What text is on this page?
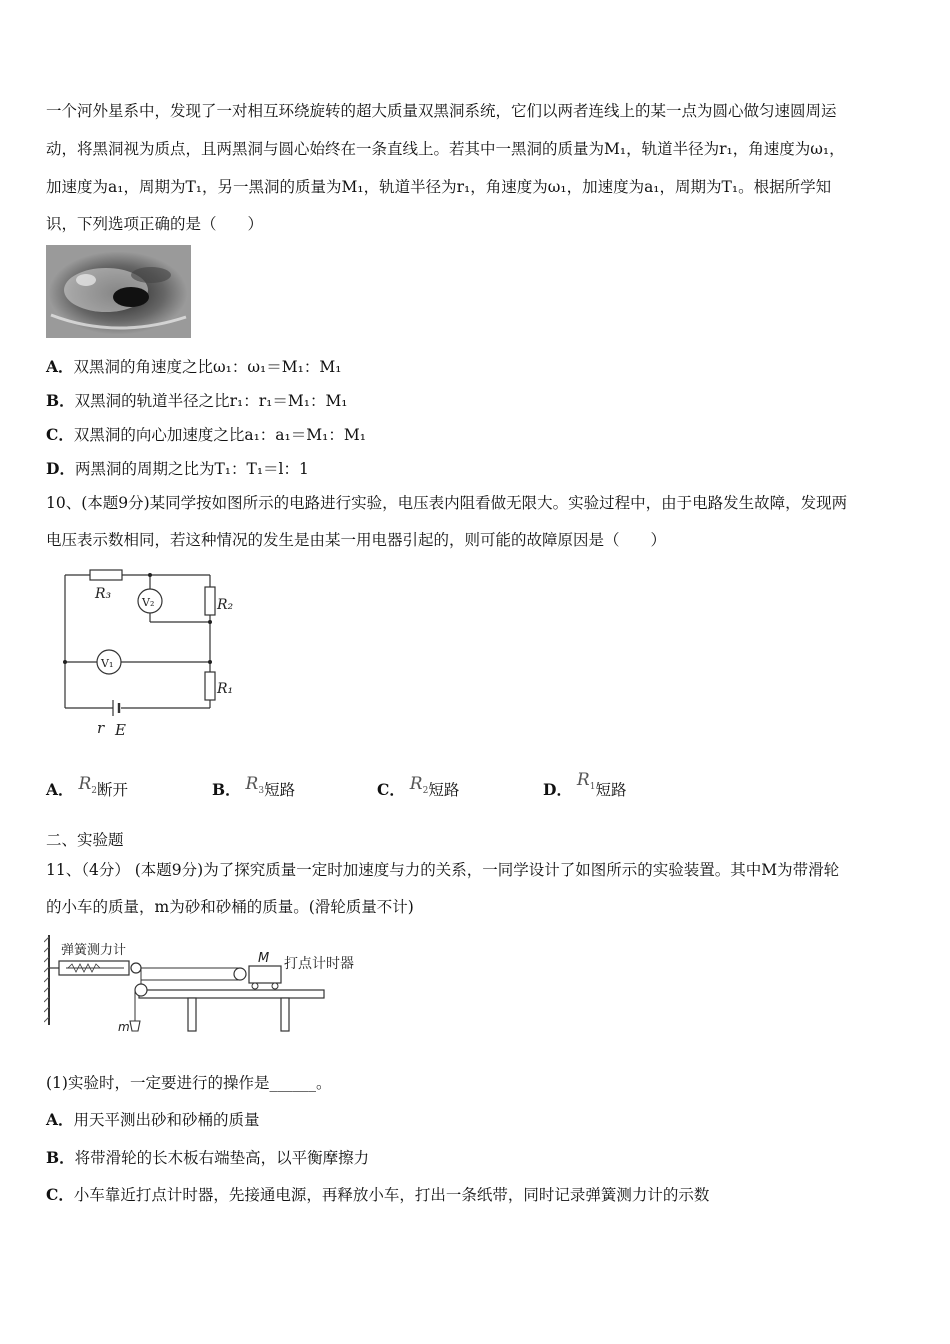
一个河外星系中，发现了一对相互环绕旋转的超大质量双黑洞系统，它们以两者连线上的某一点为圆心做匀速圆周运
动，将黑洞视为质点，且两黑洞与圆心始终在一条直线上。若其中一黑洞的质量为M₁，轨道半径为r₁，角速度为ω₁，
加速度为a₁，周期为T₁，另一黑洞的质量为M₁，轨道半径为r₁，角速度为ω₁，加速度为a₁，周期为T₁。根据所学知
识，下列选项正确的是（　　）
A．双黑洞的角速度之比ω₁：ω₁＝M₁：M₁
B．双黑洞的轨道半径之比r₁：r₁＝M₁：M₁
C．双黑洞的向心加速度之比a₁：a₁＝M₁：M₁
D．两黑洞的周期之比为T₁：T₁＝l：1
10、(本题9分)某同学按如图所示的电路进行实验，电压表内阻看做无限大。实验过程中，由于电路发生故障，发现两
电压表示数相同，若这种情况的发生是由某一用电器引起的，则可能的故障原因是（　　）
R₃
V₂	R₂
V₁
R₁
r E
A． $R_2$断开	B． $R_3$短路	C． $R_2$短路	D． $R_1$短路
二、实验题
11、（4分） (本题9分)为了探究质量一定时加速度与力的关系，一同学设计了如图所示的实验装置。其中M为带滑轮
的小车的质量，m为砂和砂桶的质量。(滑轮质量不计)
弹簧测力计
M 打点计时器
m
(1)实验时，一定要进行的操作是______。
A．用天平测出砂和砂桶的质量
B．将带滑轮的长木板右端垫高，以平衡摩擦力
C．小车靠近打点计时器，先接通电源，再释放小车，打出一条纸带，同时记录弹簧测力计的示数
